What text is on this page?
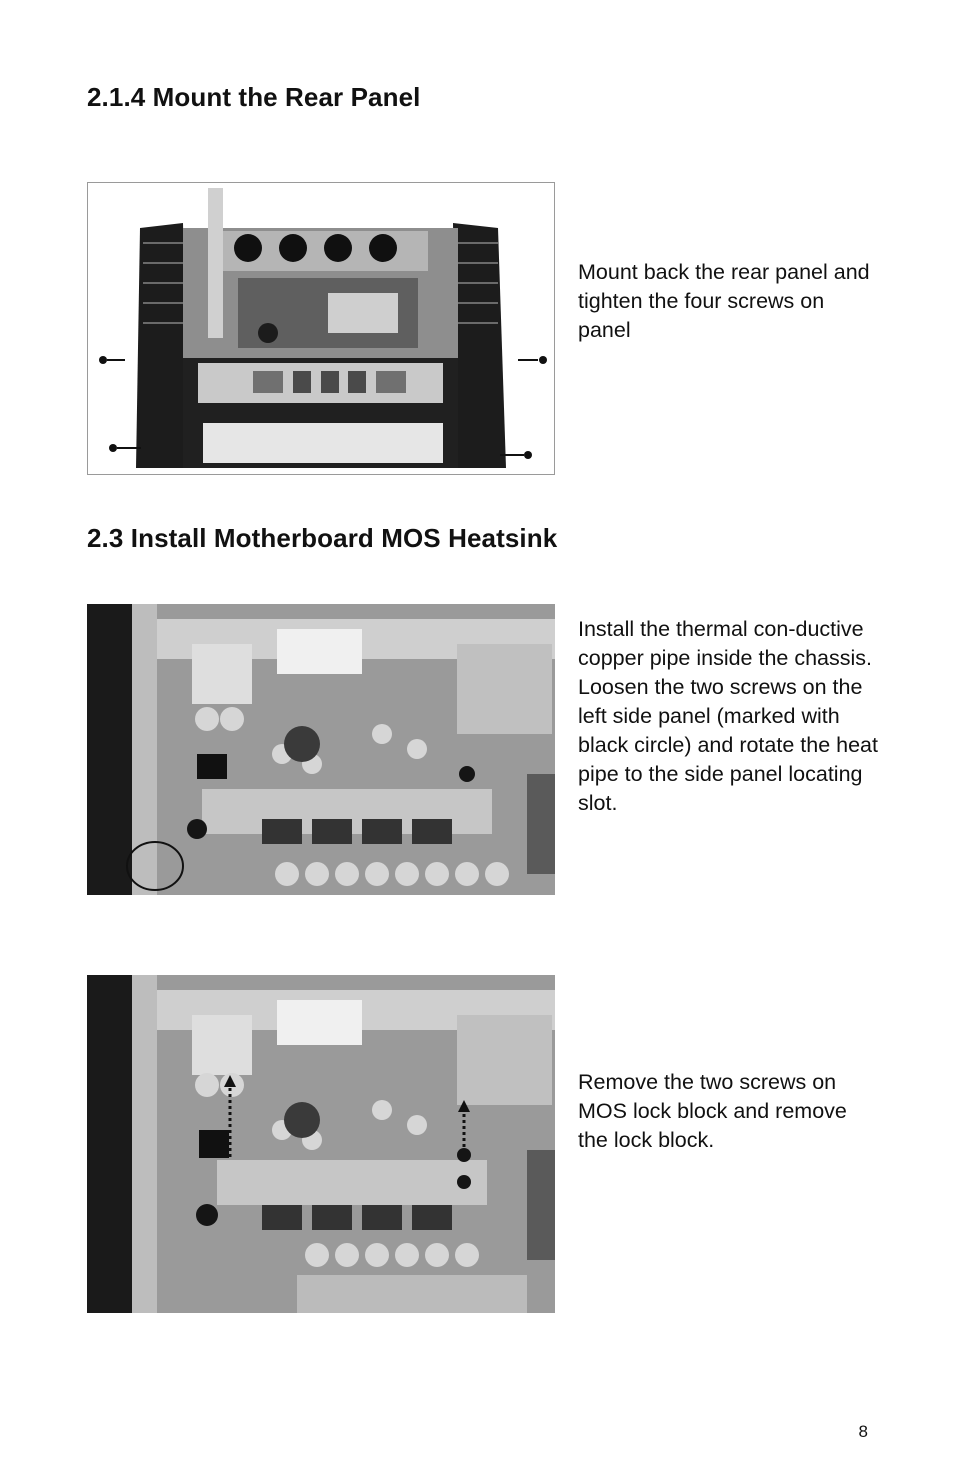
2.1.4 Mount the Rear Panel

Mount back the rear panel and tighten the four screws on panel

2.3 Install Motherboard MOS Heatsink

Install the thermal con-ductive copper pipe inside the chassis. Loosen the two screws on the left side panel (marked with black circle) and rotate the heat pipe to the side panel locating slot.

Remove the two screws on MOS lock block and remove the lock block.

8
